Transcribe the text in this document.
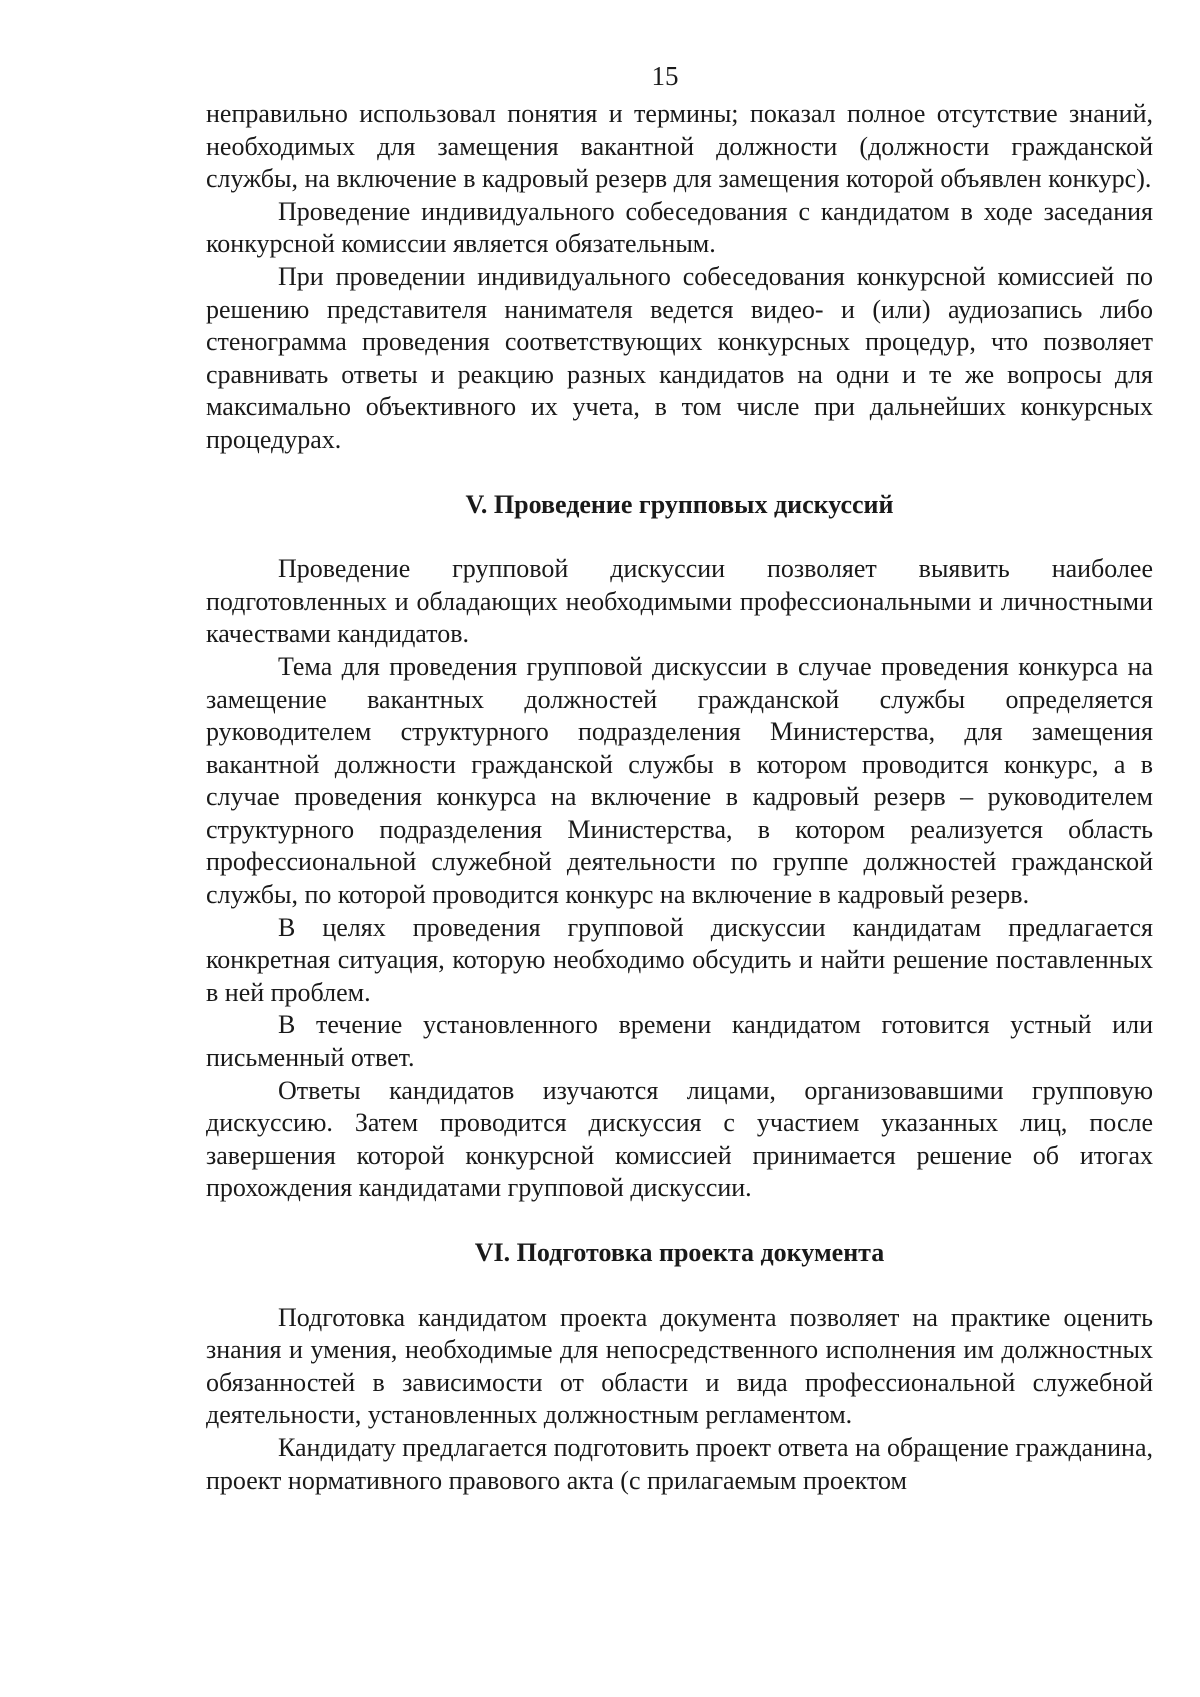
15

неправильно использовал понятия и термины; показал полное отсутствие знаний, необходимых для замещения вакантной должности (должности гражданской службы, на включение в кадровый резерв для замещения которой объявлен конкурс).

Проведение индивидуального собеседования с кандидатом в ходе заседания конкурсной комиссии является обязательным.

При проведении индивидуального собеседования конкурсной комиссией по решению представителя нанимателя ведется видео- и (или) аудиозапись либо стенограмма проведения соответствующих конкурсных процедур, что позволяет сравнивать ответы и реакцию разных кандидатов на одни и те же вопросы для максимально объективного их учета, в том числе при дальнейших конкурсных процедурах.

V. Проведение групповых дискуссий

Проведение групповой дискуссии позволяет выявить наиболее подготовленных и обладающих необходимыми профессиональными и личностными качествами кандидатов.

Тема для проведения групповой дискуссии в случае проведения конкурса на замещение вакантных должностей гражданской службы определяется руководителем структурного подразделения Министерства, для замещения вакантной должности гражданской службы в котором проводится конкурс, а в случае проведения конкурса на включение в кадровый резерв – руководителем структурного подразделения Министерства, в котором реализуется область профессиональной служебной деятельности по группе должностей гражданской службы, по которой проводится конкурс на включение в кадровый резерв.

В целях проведения групповой дискуссии кандидатам предлагается конкретная ситуация, которую необходимо обсудить и найти решение поставленных в ней проблем.

В течение установленного времени кандидатом готовится устный или письменный ответ.

Ответы кандидатов изучаются лицами, организовавшими групповую дискуссию. Затем проводится дискуссия с участием указанных лиц, после завершения которой конкурсной комиссией принимается решение об итогах прохождения кандидатами групповой дискуссии.

VI. Подготовка проекта документа

Подготовка кандидатом проекта документа позволяет на практике оценить знания и умения, необходимые для непосредственного исполнения им должностных обязанностей в зависимости от области и вида профессиональной служебной деятельности, установленных должностным регламентом.

Кандидату предлагается подготовить проект ответа на обращение гражданина, проект нормативного правового акта (с прилагаемым проектом
